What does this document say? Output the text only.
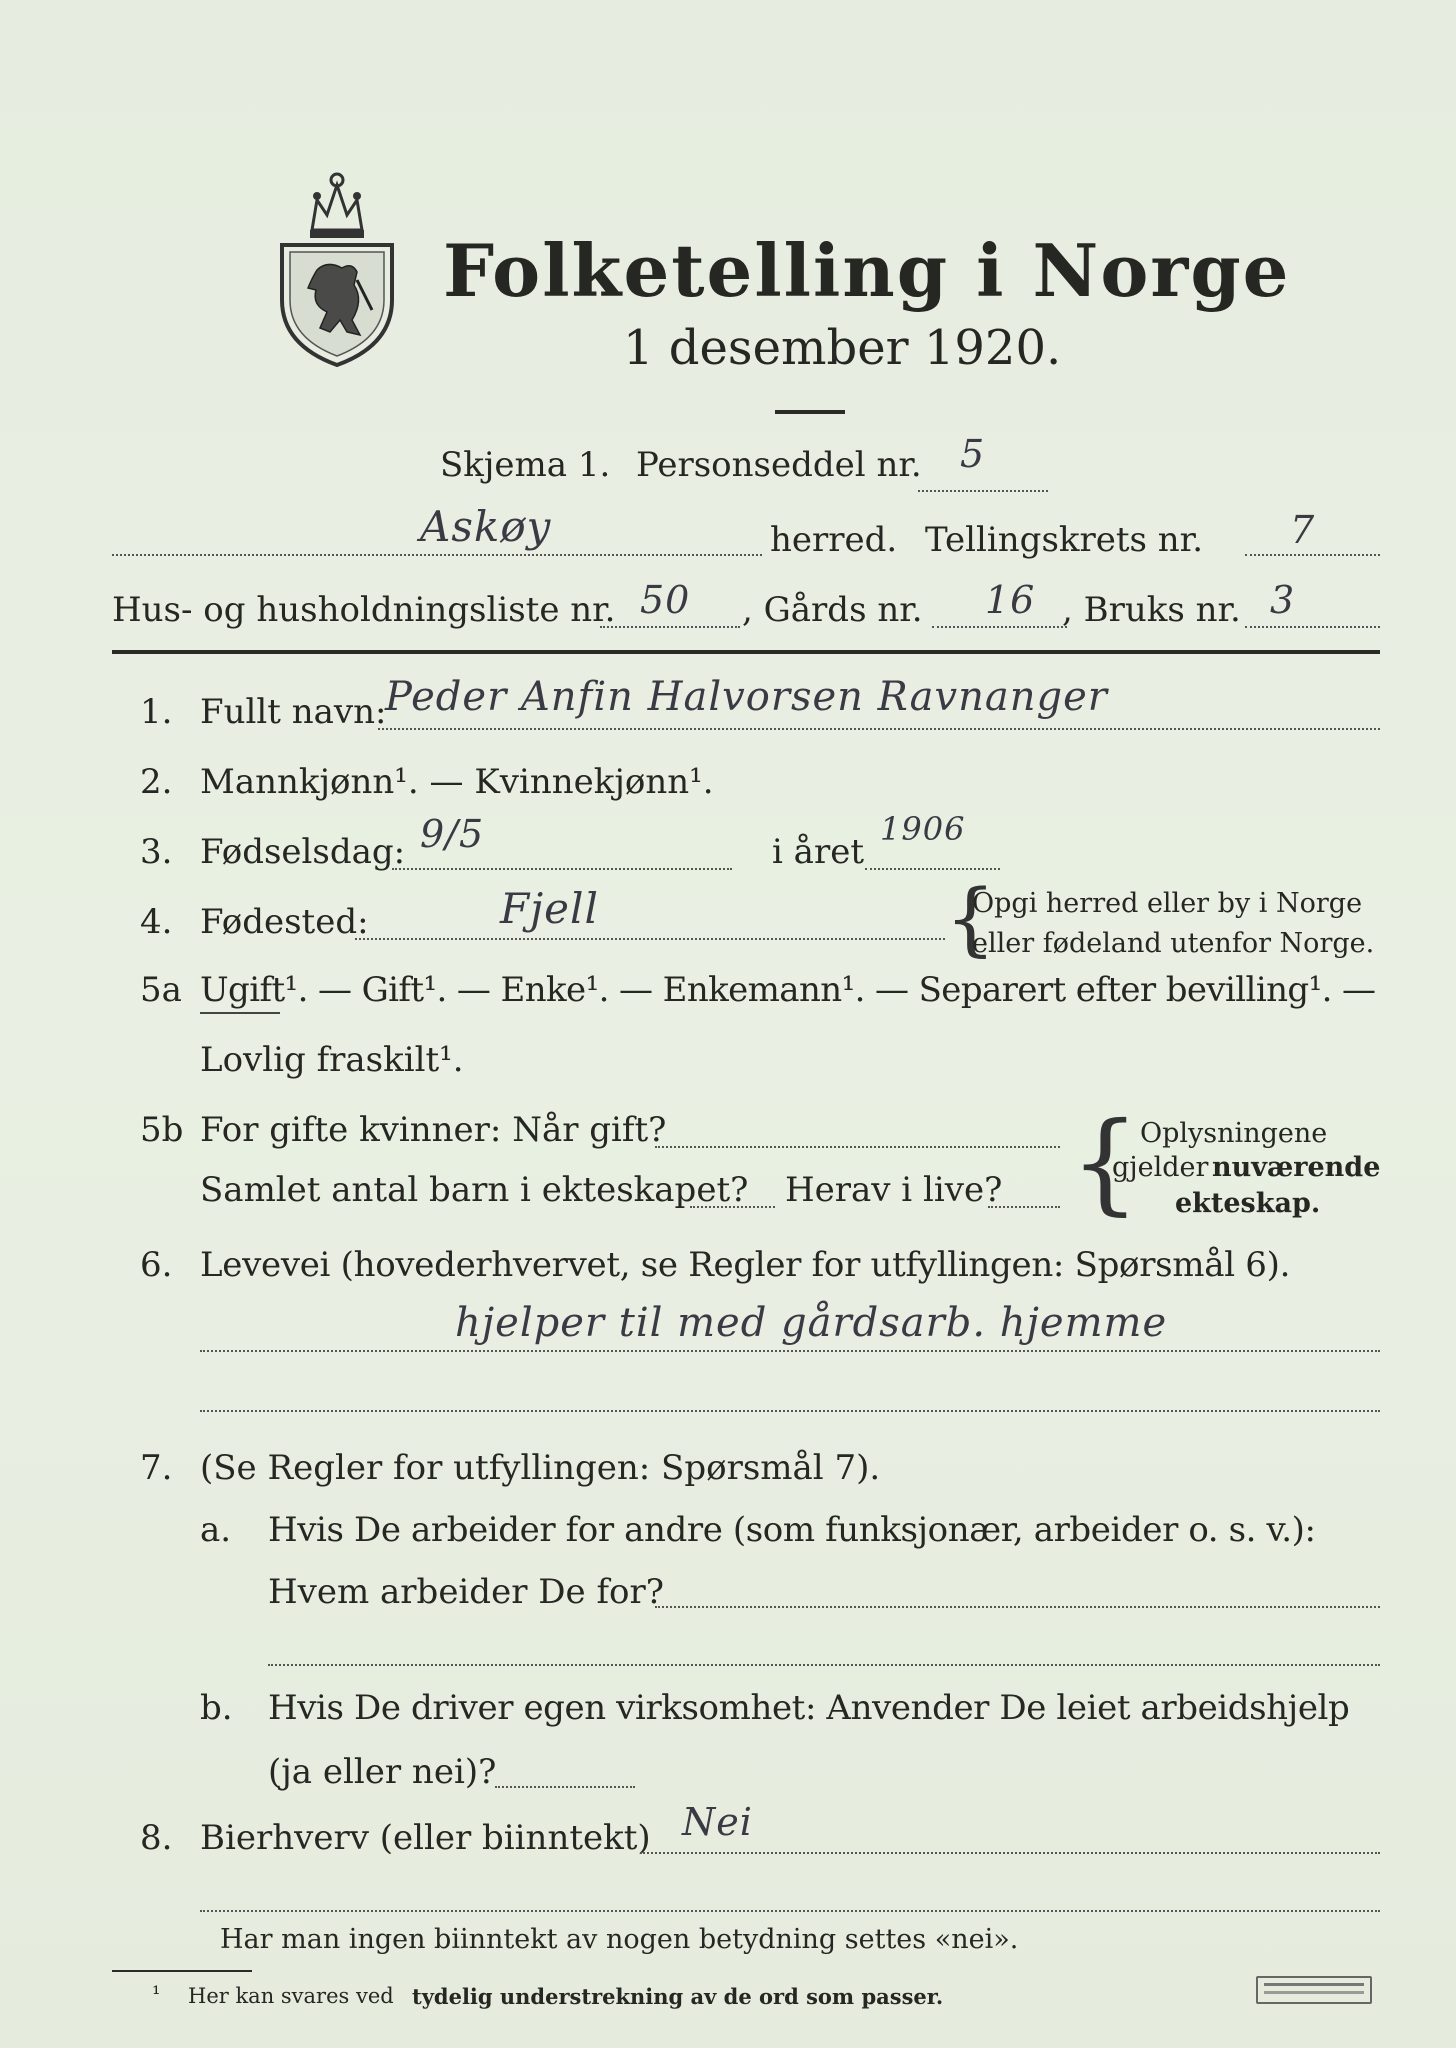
Folketelling i Norge
1 desember 1920.
Skjema 1. Personseddel nr. 5
Askøy	herred. Tellingskrets nr. 7
Hus- og husholdningsliste nr. 50 , Gårds nr. 16 , Bruks nr. 3
1. Fullt navn:
Peder Anfin Halvorsen Ravnanger
2. Mannkjønn¹. — Kvinnekjønn¹.
3. Fødselsdag: 9/5	i året
1906
4. Fødested:	Fjell	{
Opgi herred eller by i Norge
eller fødeland utenfor Norge.
5a Ugift¹. — Gift¹. — Enke¹. — Enkemann¹. — Separert efter bevilling¹. —
Lovlig fraskilt¹.
5b For gifte kvinner: Når gift?
Samlet antal barn i ekteskapet? Herav i live? { Oplysningene
gjelder nuværende
ekteskap.
6. Levevei (hovederhvervet, se Regler for utfyllingen: Spørsmål 6).
hjelper til med gårdsarb. hjemme
7. (Se Regler for utfyllingen: Spørsmål 7).
a. Hvis De arbeider for andre (som funksjonær, arbeider o. s. v.):
Hvem arbeider De for?
b. Hvis De driver egen virksomhet: Anvender De leiet arbeidshjelp
(ja eller nei)?
8. Bierhverv (eller biinntekt) Nei
Har man ingen biinntekt av nogen betydning settes «nei».
¹ Her kan svares ved tydelig understrekning av de ord som passer.
